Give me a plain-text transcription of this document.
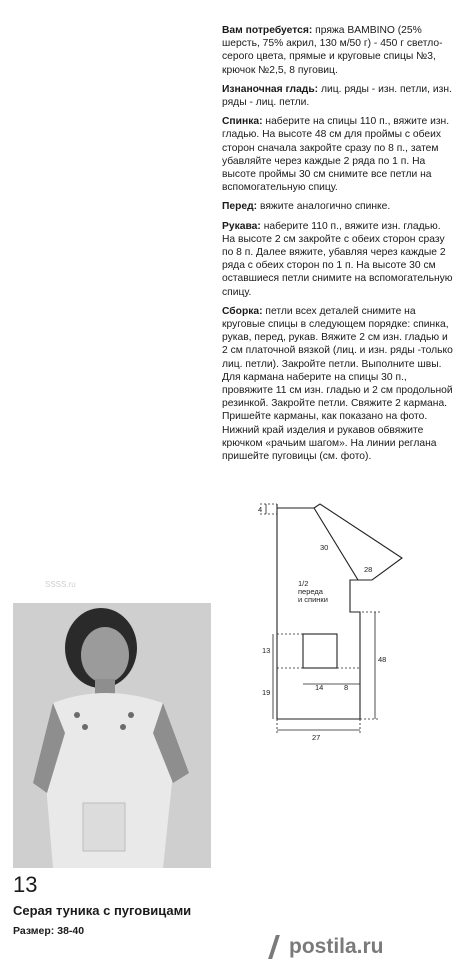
Вам потребуется: пряжа BAMBINO (25% шерсть, 75% акрил, 130 м/50 г) - 450 г светло-серого цвета, прямые и круговые спицы №3, крючок №2,5, 8 пуговиц.

Изнаночная гладь: лиц. ряды - изн. петли, изн. ряды - лиц. петли.

Спинка: наберите на спицы 110 п., вяжите изн. гладью. На высоте 48 см для проймы с обеих сторон сначала закройте сразу по 8 п., затем убавляйте через каждые 2 ряда по 1 п. На высоте проймы 30 см снимите все петли на вспомогательную спицу.

Перед: вяжите аналогично спинке.

Рукава: наберите 110 п., вяжите изн. гладью. На высоте 2 см закройте с обеих сторон сразу по 8 п. Далее вяжите, убавляя через каждые 2 ряда с обеих сторон по 1 п. На высоте 30 см оставшиеся петли снимите на вспомогательную спицу.

Сборка: петли всех деталей снимите на круговые спицы в следующем порядке: спинка, рукав, перед, рукав. Вяжите 2 см изн. гладью и 2 см платочной вязкой (лиц. и изн. ряды -только лиц. петли). Закройте петли. Выполните швы. Для кармана наберите на спицы 30 п., провяжите 11 см изн. гладью и 2 см продольной резинкой. Закройте петли. Свяжите 2 кармана. Пришейте карманы, как показано на фото. Нижний край изделия и рукавов обвяжите крючком «рачьим шагом». На линии реглана пришейте пуговицы (см. фото).

4
30
28
1/2
переда
и спинки
13
48
19
14	8
27
SSSS.ru
13
Серая туника с пуговицами
Размер: 38-40
postila.ru
